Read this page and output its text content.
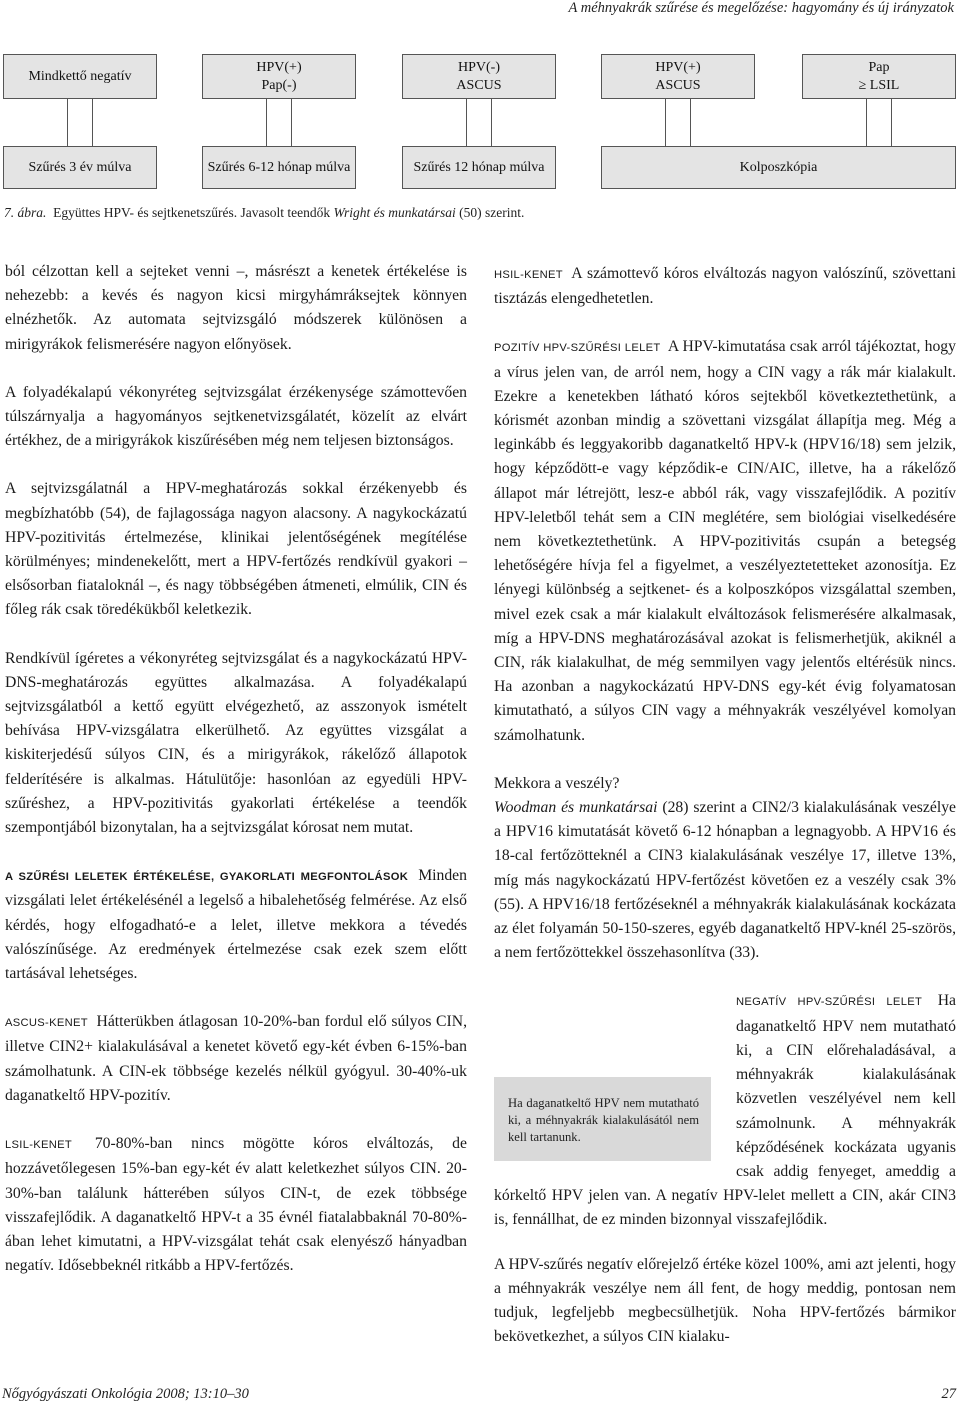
A méhnyakrák szűrése és megelőzése: hagyomány és új irányzatok
Mindkettő negatív
HPV(+)
Pap(-)
HPV(-)
ASCUS
HPV(+)
ASCUS
Pap
≥ LSIL
Szűrés 3 év múlva	Szűrés 6-12 hónap múlva	Szűrés 12 hónap múlva	Kolposzkópia
7. ábra. Együttes HPV- és sejtkenetszűrés. Javasolt teendők Wright és munkatársai (50) szerint.

ból célzottan kell a sejteket venni –, másrészt a kenetek értékelése is nehezebb: a kevés és nagyon kicsi mirgyhámráksejtek könnyen elnézhetők. Az automata sejtvizsgáló módszerek különösen a mirigyrákok felismerésére nagyon előnyösek.

A folyadékalapú vékonyréteg sejtvizsgálat érzékenysége számottevően túlszárnyalja a hagyományos sejtkenetvizsgálatét, közelít az elvárt értékhez, de a mirigyrákok kiszűrésében még nem teljesen biztonságos.

A sejtvizsgálatnál a HPV-meghatározás sokkal érzékenyebb és megbízhatóbb (54), de fajlagossága nagyon alacsony. A nagykockázatú HPV-pozitivitás értelmezése, klinikai jelentőségének megítélése körülményes; mindenekelőtt, mert a HPV-fertőzés rendkívül gyakori – elsősorban fiataloknál –, és nagy többségében átmeneti, elmúlik, CIN és főleg rák csak töredékükből keletkezik.

Rendkívül ígéretes a vékonyréteg sejtvizsgálat és a nagykockázatú HPV-DNS-meghatározás együttes alkalmazása. A folyadékalapú sejtvizsgálatból a kettő együtt elvégezhető, az asszonyok ismételt behívása HPV-vizsgálatra elkerülhető. Az együttes vizsgálat a kiskiterjedésű súlyos CIN, és a mirigyrákok, rákelőző állapotok felderítésére is alkalmas. Hátulütője: hasonlóan az egyedüli HPV-szűréshez, a HPV-pozitivitás gyakorlati értékelése a teendők szempontjából bizonytalan, ha a sejtvizsgálat kórosat nem mutat.

A SZŰRÉSI LELETEK ÉRTÉKELÉSE, GYAKORLATI MEGFONTOLÁSOK Minden vizsgálati lelet értékelésénél a legelső a hibalehetőség felmérése. Az első kérdés, hogy elfogadható-e a lelet, illetve mekkora a tévedés valószínűsége. Az eredmények értelmezése csak ezek szem előtt tartásával lehetséges.

ASCUS-KENET Hátterükben átlagosan 10-20%-ban fordul elő súlyos CIN, illetve CIN2+ kialakulásával a kenetet követő egy-két évben 6-15%-ban számolhatunk. A CIN-ek többsége kezelés nélkül gyógyul. 30-40%-uk daganatkeltő HPV-pozitív.

LSIL-KENET 70-80%-ban nincs mögötte kóros elváltozás, de hozzávetőlegesen 15%-ban egy-két év alatt keletkezhet súlyos CIN. 20-30%-ban találunk hátterében súlyos CIN-t, de ezek többsége visszafejlődik. A daganatkeltő HPV-t a 35 évnél fiatalabbaknál 70-80%-ában lehet kimutatni, a HPV-vizsgálat tehát csak elenyésző hányadban negatív. Idősebbeknél ritkább a HPV-fertőzés.

HSIL-KENET A számottevő kóros elváltozás nagyon valószínű, szövettani tisztázás elengedhetetlen.

POZITÍV HPV-SZŰRÉSI LELET A HPV-kimutatása csak arról tájékoztat, hogy a vírus jelen van, de arról nem, hogy a CIN vagy a rák már kialakult. Ezekre a kenetekben látható kóros sejtekből következtethetünk, a kórismét azonban mindig a szövettani vizsgálat állapítja meg. Még a leginkább és leggyakoribb daganatkeltő HPV-k (HPV16/18) sem jelzik, hogy képződött-e vagy képződik-e CIN/AIC, illetve, ha a rákelőző állapot már létrejött, lesz-e abból rák, vagy visszafejlődik. A pozitív HPV-leletből tehát sem a CIN meglétére, sem biológiai viselkedésére nem következtethetünk. A HPV-pozitivitás csupán a betegség lehetőségére hívja fel a figyelmet, a veszélyeztetetteket azonosítja. Ez lényegi különbség a sejtkenet- és a kolposzkópos vizsgálattal szemben, mivel ezek csak a már kialakult elváltozások felismerésére alkalmasak, míg a HPV-DNS meghatározásával azokat is felismerhetjük, akiknél a CIN, rák kialakulhat, de még semmilyen vagy jelentős eltérésük nincs. Ha azonban a nagykockázatú HPV-DNS egy-két évig folyamatosan kimutatható, a súlyos CIN vagy a méhnyakrák veszélyével komolyan számolhatunk.

Mekkora a veszély?

Woodman és munkatársai (28) szerint a CIN2/3 kialakulásának veszélye a HPV16 kimutatását követő 6-12 hónapban a legnagyobb. A HPV16 és 18-cal fertőzötteknél a CIN3 kialakulásának veszélye 17, illetve 13%, míg más nagykockázatú HPV-fertőzést követően ez a veszély csak 3% (55). A HPV16/18 fertőzéseknél a méhnyakrák kialakulásának kockázata az élet folyamán 50-150-szeres, egyéb daganatkeltő HPV-knél 25-szörös, a nem fertőzöttekkel összehasonlítva (33).

Ha daganatkeltő HPV nem mutatható ki, a méhnyakrák kialakulásától nem kell tartanunk.

NEGATÍV HPV-SZŰRÉSI LELET Ha daganatkeltő HPV nem mutatható ki, a CIN előrehaladásával, a méhnyakrák kialakulásának közvetlen veszélyével nem kell számolnunk. A méhnyakrák képződésének kockázata ugyanis csak addig fenyeget, ameddig a kórkeltő HPV jelen van. A negatív HPV-lelet mellett a CIN, akár CIN3 is, fennállhat, de ez minden bizonnyal visszafejlődik.

A HPV-szűrés negatív előrejelző értéke közel 100%, ami azt jelenti, hogy a méhnyakrák veszélye nem áll fent, de hogy meddig, pontosan nem tudjuk, legfeljebb megbecsülhetjük. Noha HPV-fertőzés bármikor bekövetkezhet, a súlyos CIN kialaku-

Nőgyógyászati Onkológia 2008; 13:10–30	27
